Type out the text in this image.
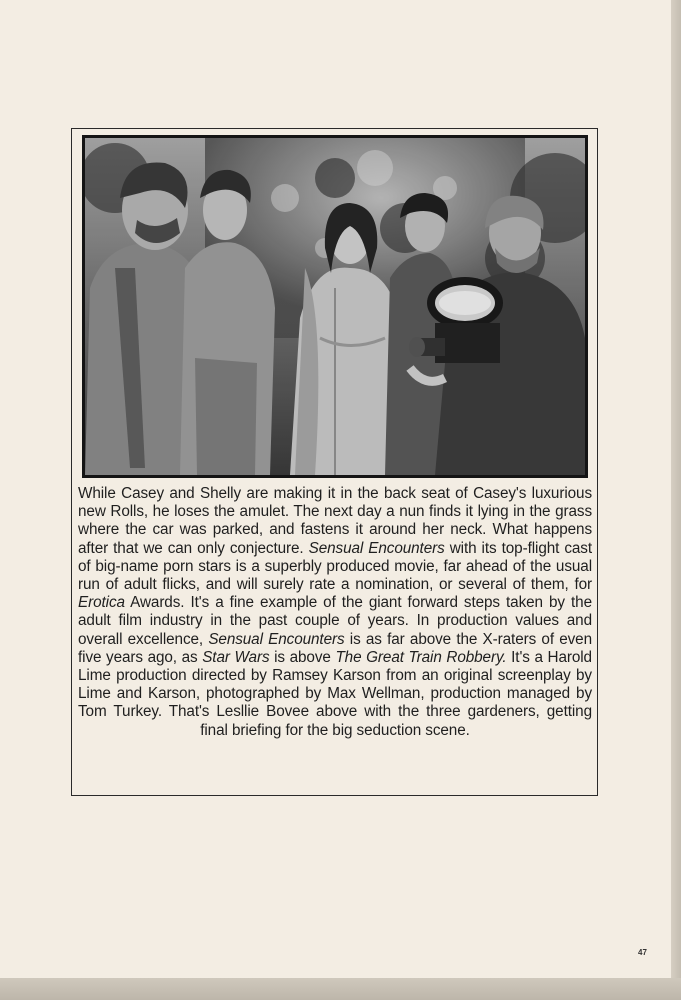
While Casey and Shelly are making it in the back seat of Casey's luxurious new Rolls, he loses the amulet. The next day a nun finds it lying in the grass where the car was parked, and fastens it around her neck. What happens after that we can only conjecture. Sensual Encounters with its top-flight cast of big-name porn stars is a superbly produced movie, far ahead of the usual run of adult flicks, and will surely rate a nomination, or several of them, for Erotica Awards. It's a fine example of the giant forward steps taken by the adult film industry in the past couple of years. In production values and overall excellence, Sensual Encounters is as far above the X-raters of even five years ago, as Star Wars is above The Great Train Robbery. It's a Harold Lime production directed by Ramsey Karson from an original screenplay by Lime and Karson, photographed by Max Wellman, production managed by Tom Turkey. That's Lesllie Bovee above with the three gardeners, getting final briefing for the big seduction scene.

47
